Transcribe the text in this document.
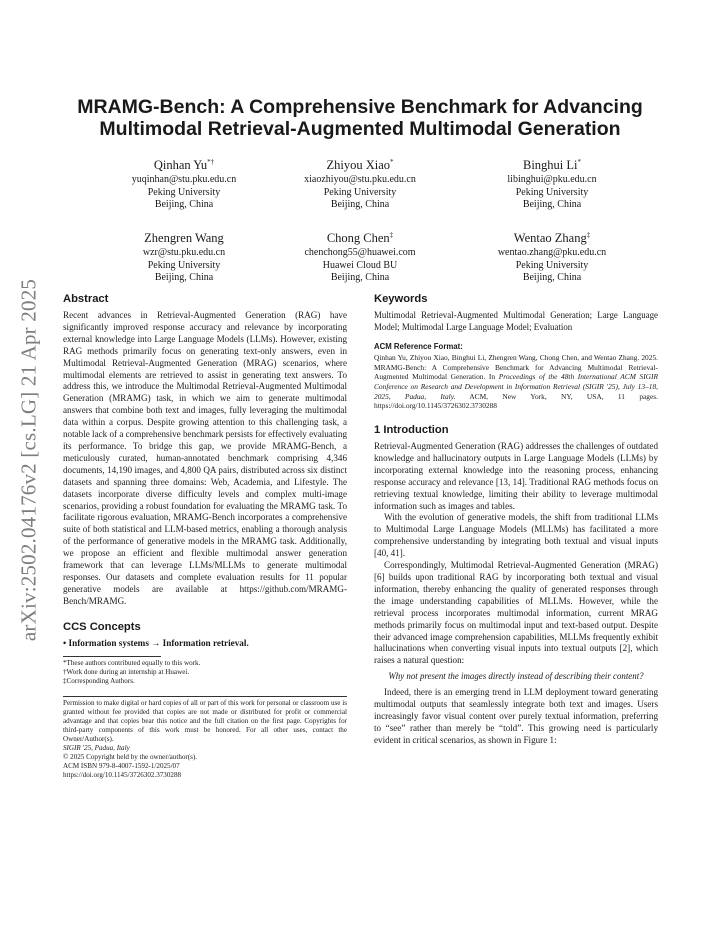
arXiv:2502.04176v2 [cs.LG] 21 Apr 2025
MRAMG-Bench: A Comprehensive Benchmark for Advancing
Multimodal Retrieval-Augmented Multimodal Generation
Qinhan Yu*†
yuqinhan@stu.pku.edu.cn
Peking University
Beijing, China
Zhiyou Xiao*
xiaozhiyou@stu.pku.edu.cn
Peking University
Beijing, China
Binghui Li*
libinghui@pku.edu.cn
Peking University
Beijing, China
Zhengren Wang
wzr@stu.pku.edu.cn
Peking University
Beijing, China
Chong Chen‡
chenchong55@huawei.com
Huawei Cloud BU
Beijing, China
Wentao Zhang‡
wentao.zhang@pku.edu.cn
Peking University
Beijing, China
Abstract
Recent advances in Retrieval-Augmented Generation (RAG) have significantly improved response accuracy and relevance by incorporating external knowledge into Large Language Models (LLMs). However, existing RAG methods primarily focus on generating text-only answers, even in Multimodal Retrieval-Augmented Generation (MRAG) scenarios, where multimodal elements are retrieved to assist in generating text answers. To address this, we introduce the Multimodal Retrieval-Augmented Multimodal Generation (MRAMG) task, in which we aim to generate multimodal answers that combine both text and images, fully leveraging the multimodal data within a corpus. Despite growing attention to this challenging task, a notable lack of a comprehensive benchmark persists for effectively evaluating its performance. To bridge this gap, we provide MRAMG-Bench, a meticulously curated, human-annotated benchmark comprising 4,346 documents, 14,190 images, and 4,800 QA pairs, distributed across six distinct datasets and spanning three domains: Web, Academia, and Lifestyle. The datasets incorporate diverse difficulty levels and complex multi-image scenarios, providing a robust foundation for evaluating the MRAMG task. To facilitate rigorous evaluation, MRAMG-Bench incorporates a comprehensive suite of both statistical and LLM-based metrics, enabling a thorough analysis of the performance of generative models in the MRAMG task. Additionally, we propose an efficient and flexible multimodal answer generation framework that can leverage LLMs/MLLMs to generate multimodal responses. Our datasets and complete evaluation results for 11 popular generative models are available at https://github.com/MRAMG-Bench/MRAMG.
CCS Concepts
• Information systems → Information retrieval.
*These authors contributed equally to this work.
†Work done during an internship at Huawei.
‡Corresponding Authors.
Permission to make digital or hard copies of all or part of this work for personal or classroom use is granted without fee provided that copies are not made or distributed for profit or commercial advantage and that copies bear this notice and the full citation on the first page. Copyrights for third-party components of this work must be honored. For all other uses, contact the Owner/Author(s).
SIGIR '25, Padua, Italy
© 2025 Copyright held by the owner/author(s).
ACM ISBN 979-8-4007-1592-1/2025/07
https://doi.org/10.1145/3726302.3730288
Keywords
Multimodal Retrieval-Augmented Multimodal Generation; Large Language Model; Multimodal Large Language Model; Evaluation
ACM Reference Format:
Qinhan Yu, Zhiyou Xiao, Binghui Li, Zhengren Wang, Chong Chen, and Wentao Zhang. 2025. MRAMG-Bench: A Comprehensive Benchmark for Advancing Multimodal Retrieval-Augmented Multimodal Generation. In Proceedings of the 48th International ACM SIGIR Conference on Research and Development in Information Retrieval (SIGIR '25), July 13–18, 2025, Padua, Italy. ACM, New York, NY, USA, 11 pages. https://doi.org/10.1145/3726302.3730288
1 Introduction
Retrieval-Augmented Generation (RAG) addresses the challenges of outdated knowledge and hallucinatory outputs in Large Language Models (LLMs) by incorporating external knowledge into the reasoning process, enhancing response accuracy and relevance [13, 14]. Traditional RAG methods focus on retrieving textual knowledge, limiting their ability to leverage multimodal information such as images and tables.
With the evolution of generative models, the shift from traditional LLMs to Multimodal Large Language Models (MLLMs) has facilitated a more comprehensive understanding by integrating both textual and visual inputs [40, 41].
Correspondingly, Multimodal Retrieval-Augmented Generation (MRAG) [6] builds upon traditional RAG by incorporating both textual and visual information, thereby enhancing the quality of generated responses through the image understanding capabilities of MLLMs. However, while the retrieval process incorporates multimodal information, current MRAG methods primarily focus on multimodal input and text-based output. Despite their advanced image comprehension capabilities, MLLMs frequently exhibit hallucinations when converting visual inputs into textual outputs [2], which raises a natural question:
Why not present the images directly instead of describing their content?
Indeed, there is an emerging trend in LLM deployment toward generating multimodal outputs that seamlessly integrate both text and images. Users increasingly favor visual content over purely textual information, preferring to “see” rather than merely be “told”. This growing need is particularly evident in critical scenarios, as shown in Figure 1:
